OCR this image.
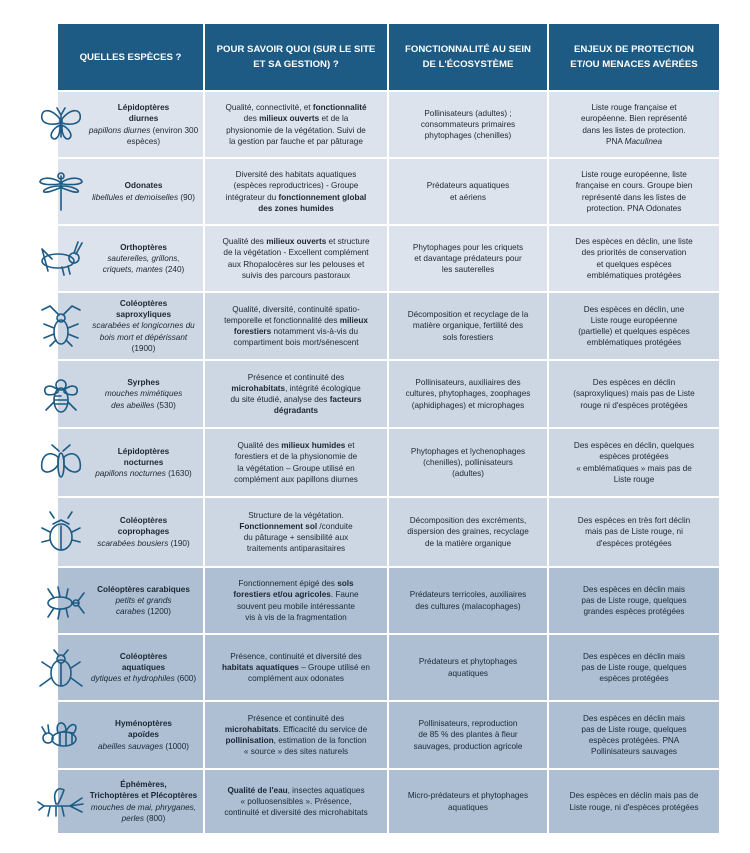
QUELLES ESPÈCES ?
POUR SAVOIR QUOI (SUR LE SITE
ET SA GESTION) ?
FONCTIONNALITÉ AU SEIN
DE L'ÉCOSYSTÈME
ENJEUX DE PROTECTION
ET/OU MENACES AVÉRÉES
Lépidoptères
diurnes
papillons diurnes (environ 300 espèces)
Qualité, connectivité, et fonctionnalité
des milieux ouverts et de la
physionomie de la végétation. Suivi de
la gestion par fauche et par pâturage
Pollinisateurs (adultes) ;
consommateurs primaires
phytophages (chenilles)
Liste rouge française et
européenne. Bien représenté
dans les listes de protection.
PNA Maculinea
Odonates
libellules et demoiselles (90)
Diversité des habitats aquatiques
(espèces reproductrices) - Groupe
intégrateur du fonctionnement global
des zones humides
Prédateurs aquatiques
et aériens
Liste rouge européenne, liste
française en cours. Groupe bien
représenté dans les listes de
protection. PNA Odonates
Orthoptères
sauterelles, grillons,
criquets, mantes (240)
Qualité des milieux ouverts et structure
de la végétation - Excellent complément
aux Rhopalocères sur les pelouses et
suivis des parcours pastoraux
Phytophages pour les criquets
et davantage prédateurs pour
les sauterelles
Des espèces en déclin, une liste
des priorités de conservation
et quelques espèces
emblématiques protégées
Coléoptères
saproxyliques
scarabées et longicornes du
bois mort et dépérissant (1900)
Qualité, diversité, continuité spatio-
temporelle et fonctionnalité des milieux
forestiers notamment vis-à-vis du
compartiment bois mort/sénescent
Décomposition et recyclage de la
matière organique, fertilité des
sols forestiers
Des espèces en déclin, une
Liste rouge européenne
(partielle) et quelques espèces
emblématiques protégées
Syrphes
mouches mimétiques
des abeilles (530)
Présence et continuité des
microhabitats, intégrité écologique
du site étudié, analyse des facteurs
dégradants
Pollinisateurs, auxiliaires des
cultures, phytophages, zoophages
(aphidiphages) et microphages
Des espèces en déclin
(saproxyliques) mais pas de Liste
rouge ni d'espèces protégées
Lépidoptères
nocturnes
papillons nocturnes (1630)
Qualité des milieux humides et
forestiers et de la physionomie de
la végétation – Groupe utilisé en
complément aux papillons diurnes
Phytophages et lychenophages
(chenilles), pollinisateurs
(adultes)
Des espèces en déclin, quelques
espèces protégées
« emblématiques » mais pas de
Liste rouge
Coléoptères
coprophages
scarabées bousiers (190)
Structure de la végétation.
Fonctionnement sol /conduite
du pâturage + sensibilité aux
traitements antiparasitaires
Décomposition des excréments,
dispersion des graines, recyclage
de la matière organique
Des espèces en très fort déclin
mais pas de Liste rouge, ni
d'espèces protégées
Coléoptères carabiques
petits et grands
carabes (1200)
Fonctionnement épigé des sols
forestiers et/ou agricoles. Faune
souvent peu mobile intéressante
vis à vis de la fragmentation
Prédateurs terricoles, auxiliaires
des cultures (malacophages)
Des espèces en déclin mais
pas de Liste rouge, quelques
grandes espèces protégées
Coléoptères
aquatiques
dytiques et hydrophiles (600)
Présence, continuité et diversité des
habitats aquatiques – Groupe utilisé en
complément aux odonates
Prédateurs et phytophages
aquatiques
Des espèces en déclin mais
pas de Liste rouge, quelques
espèces protégées
Hyménoptères
apoïdes
abeilles sauvages (1000)
Présence et continuité des
microhabitats. Efficacité du service de
pollinisation, estimation de la fonction
« source » des sites naturels
Pollinisateurs, reproduction
de 85 % des plantes à fleur
sauvages, production agricole
Des espèces en déclin mais
pas de Liste rouge, quelques
espèces protégées. PNA
Pollinisateurs sauvages
Éphémères,
Trichoptères et Plécoptères
mouches de mai, phryganes,
perles (800)
Qualité de l'eau, insectes aquatiques
« polluosensibles ». Présence,
continuité et diversité des microhabitats
Micro-prédateurs et phytophages
aquatiques
Des espèces en déclin mais pas de
Liste rouge, ni d'espèces protégées
